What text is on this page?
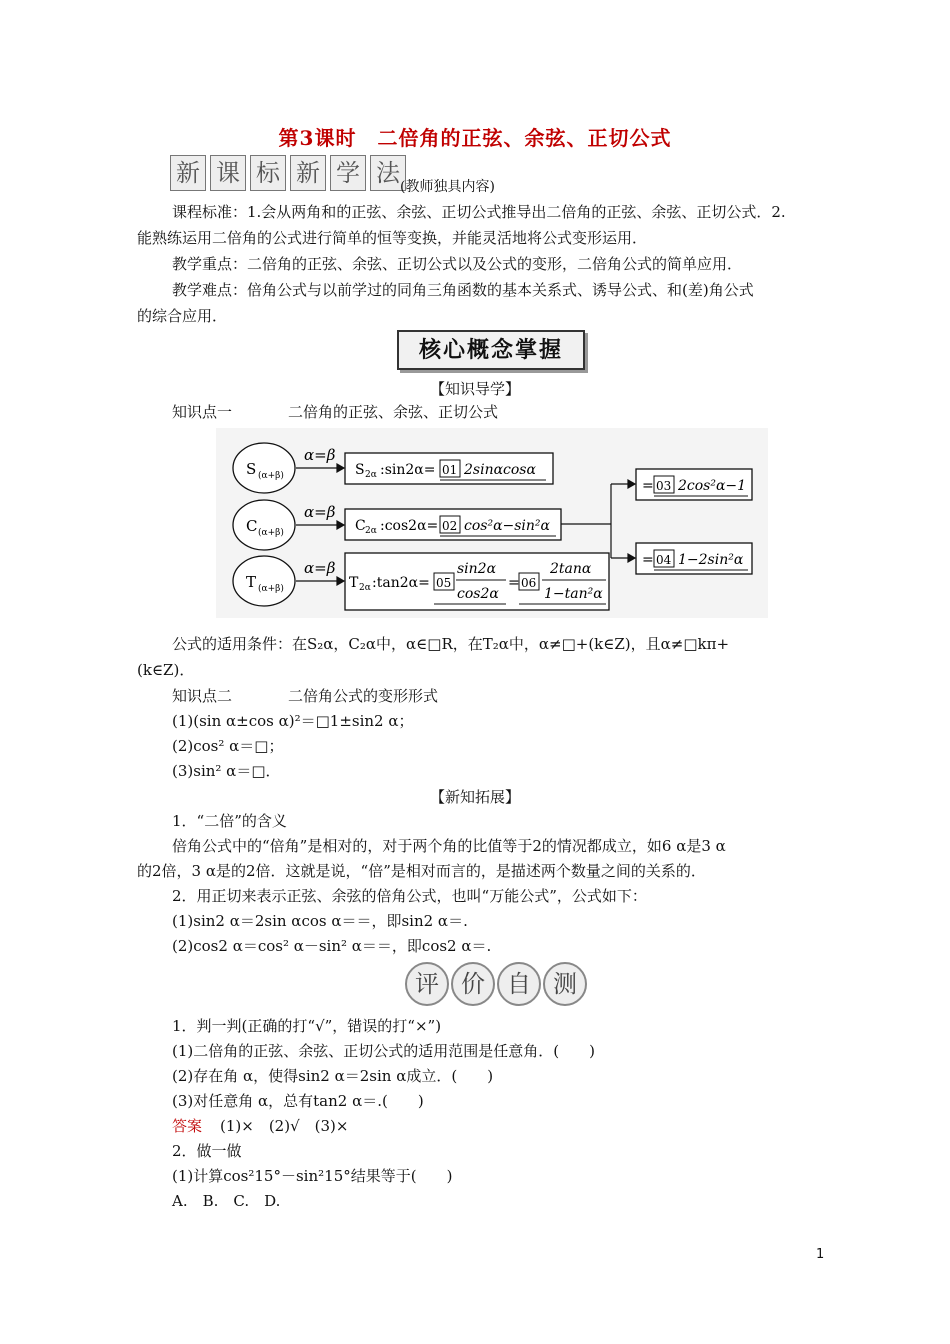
第3课时　二倍角的正弦、余弦、正切公式
新 课 标 新 学 法 (教师独具内容)
课程标准：1.会从两角和的正弦、余弦、正切公式推导出二倍角的正弦、余弦、正切公式．2.
能熟练运用二倍角的公式进行简单的恒等变换，并能灵活地将公式变形运用．
教学重点：二倍角的正弦、余弦、正切公式以及公式的变形，二倍角公式的简单应用．
教学难点：倍角公式与以前学过的同角三角函数的基本关系式、诱导公式、和(差)角公式
的综合应用．
核心概念掌握
【知识导学】
知识点一	二倍角的正弦、余弦、正切公式
S (α+β)
C (α+β)
T (α+β)
α=β
α=β
α=β
S 2α :sin2α= 01 2sinαcosα
C 2α :cos2α= 02 cos²α−sin²α
= 03 2cos²α−1
= 04 1−2sin²α
T 2α :tan2α= 05
sin2α
cos2α
= 06
2tanα
1−tan²α
公式的适用条件：在S₂α，C₂α中，α∈□R，在T₂α中，α≠□+(k∈Z)，且α≠□kπ+
(k∈Z)．
知识点二	二倍角公式的变形形式
(1)(sin α±cos α)²＝□1±sin2 α；
(2)cos² α＝□；
(3)sin² α＝□．
【新知拓展】
1．“二倍”的含义
倍角公式中的“倍角”是相对的，对于两个角的比值等于2的情况都成立，如6 α是3 α
的2倍，3 α是的2倍．这就是说，“倍”是相对而言的，是描述两个数量之间的关系的．
2．用正切来表示正弦、余弦的倍角公式，也叫“万能公式”，公式如下：
(1)sin2 α＝2sin αcos α＝＝，即sin2 α＝.
(2)cos2 α＝cos² α－sin² α＝＝，即cos2 α＝.
评 价 自 测
1．判一判(正确的打“√”，错误的打“×”)
(1)二倍角的正弦、余弦、正切公式的适用范围是任意角．(　　)
(2)存在角 α，使得sin2 α＝2sin α成立．(　　)
(3)对任意角 α，总有tan2 α＝.(　　)
答案 (1)×　(2)√　(3)×
2．做一做
(1)计算cos²15°－sin²15°结果等于(　　)
A.　B.　C.　D.
1
